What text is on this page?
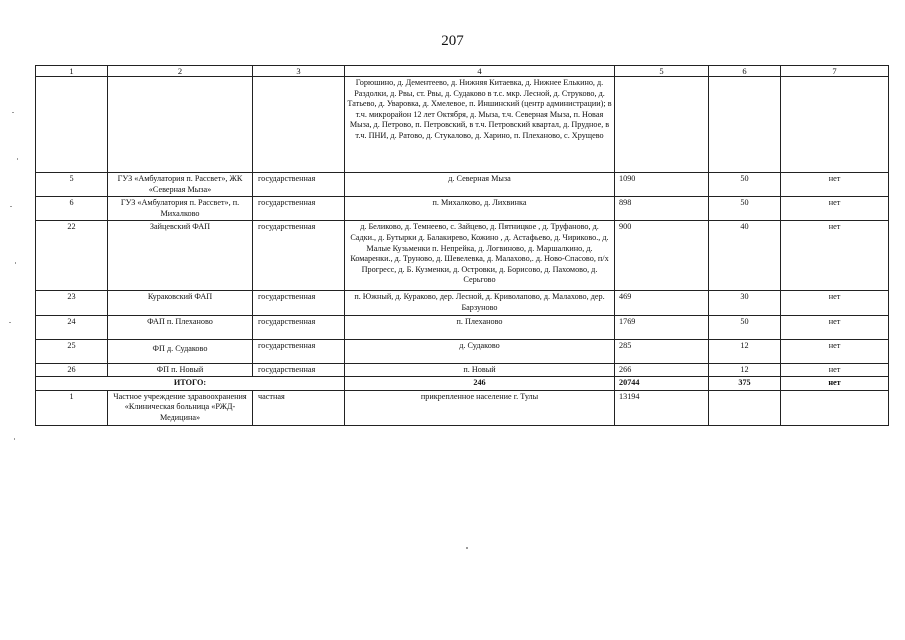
207
1	2	3	4	5	6	7
			Горюшино, д. Дементеево, д. Нижняя Китаевка, д. Нижнее Елькино, д. Раздолки, д. Рвы, ст. Рвы, д. Судаково в т.с. мкр. Лесной, д. Струково, д. Татьево, д. Уваровка, д. Хмелевое, п. Иншинский (центр администрации); в т.ч. микрорайон 12 лет Октября, д. Мыза, т.ч. Северная Мыза, п. Новая Мыза, д. Петрово, п. Петровский, в т.ч. Петровский квартал, д. Прудное, в т.ч. ПНИ, д. Ратово, д. Стукалово, д. Харино, п. Плеханово, с. Хрущево			
5	ГУЗ «Амбулатория п. Рассвет», ЖК «Северная Мыза»	государственная	д. Северная Мыза	1090	50	нет
6	ГУЗ «Амбулатория п. Рассвет», п. Михалково	государственная	п. Михалково, д. Лихвинка	898	50	нет
22	Зайцевский ФАП	государственная	д. Беликово, д. Темнеево, с. Зайцево, д. Пятницкое , д. Труфаново, д. Садки., д. Бутырки д. Балакирево, Кожино , д. Астафьево, д. Чириково., д. Малые Кузьменки п. Непрейка, д. Логвиново, д. Маршалкино, д. Комаренки., д. Труново, д. Шевелевка, д. Малахово,. д. Ново-Спасово, п/х Прогресс, д. Б. Кузменки, д. Островки, д. Борисово, д. Пахомово, д. Серьгово	900	40	нет
23	Кураковский ФАП	государственная	п. Южный, д. Кураково, дер. Лесной, д. Криволапово, д. Малахово, дер. Барзуново	469	30	нет
24	ФАП п. Плеханово	государственная	п. Плеханово	1769	50	нет
25	ФП д. Судаково	государственная	д. Судаково	285	12	нет
26	ФП п. Новый	государственная	п. Новый	266	12	нет
ИТОГО:			246	20744	375	нет
1	Частное учреждение здравоохранения «Клиническая больница «РЖД-Медицина»	частная	прикрепленное население г. Тулы	13194		
